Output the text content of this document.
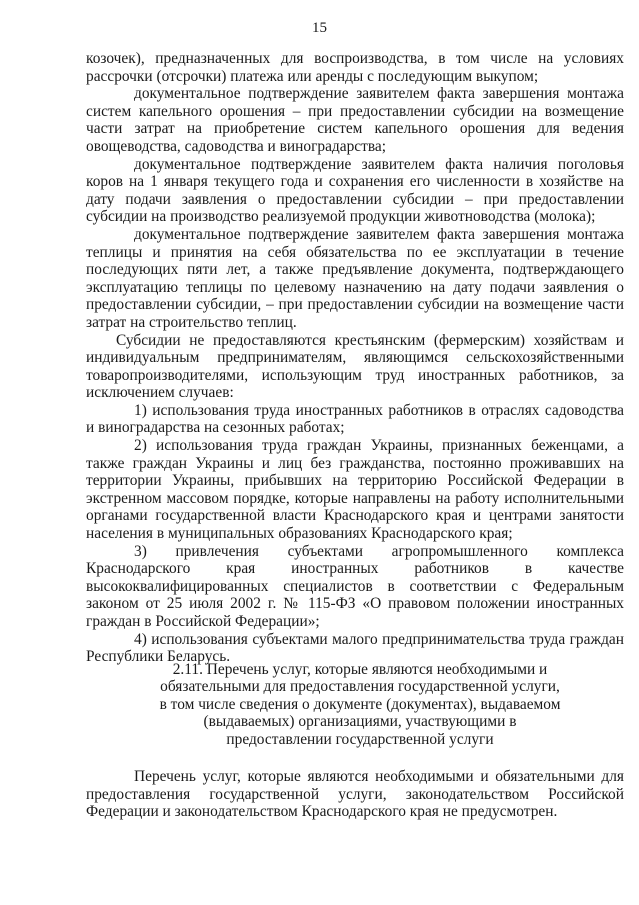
15

козочек), предназначенных для воспроизводства, в том числе на условиях рассрочки (отсрочки) платежа или аренды с последующим выкупом;

документальное подтверждение заявителем факта завершения монтажа систем капельного орошения – при предоставлении субсидии на возмещение части затрат на приобретение систем капельного орошения для ведения овощеводства, садоводства и виноградарства;

документальное подтверждение заявителем факта наличия поголовья коров на 1 января текущего года и сохранения его численности в хозяйстве на дату подачи заявления о предоставлении субсидии – при предоставлении субсидии на производство реализуемой продукции животноводства (молока);

документальное подтверждение заявителем факта завершения монтажа теплицы и принятия на себя обязательства по ее эксплуатации в течение последующих пяти лет, а также предъявление документа, подтверждающего эксплуатацию теплицы по целевому назначению на дату подачи заявления о предоставлении субсидии, – при предоставлении субсидии на возмещение части затрат на строительство теплиц.

Субсидии не предоставляются крестьянским (фермерским) хозяйствам и индивидуальным предпринимателям, являющимся сельскохозяйственными товаропроизводителями, использующим труд иностранных работников, за исключением случаев:

1) использования труда иностранных работников в отраслях садоводства и виноградарства на сезонных работах;

2) использования труда граждан Украины, признанных беженцами, а также граждан Украины и лиц без гражданства, постоянно проживавших на территории Украины, прибывших на территорию Российской Федерации в экстренном массовом порядке, которые направлены на работу исполнительными органами государственной власти Краснодарского края и центрами занятости населения в муниципальных образованиях Краснодарского края;

3) привлечения субъектами агропромышленного комплекса Краснодарского края иностранных работников в качестве высококвалифицированных специалистов в соответствии с Федеральным законом от 25 июля 2002 г. № 115-ФЗ «О правовом положении иностранных граждан в Российской Федерации»;

4) использования субъектами малого предпринимательства труда граждан Республики Беларусь.

2.11. Перечень услуг, которые являются необходимыми и
обязательными для предоставления государственной услуги,
в том числе сведения о документе (документах), выдаваемом
(выдаваемых) организациями, участвующими в
предоставлении государственной услуги

Перечень услуг, которые являются необходимыми и обязательными для предоставления государственной услуги, законодательством Российской Федерации и законодательством Краснодарского края не предусмотрен.
